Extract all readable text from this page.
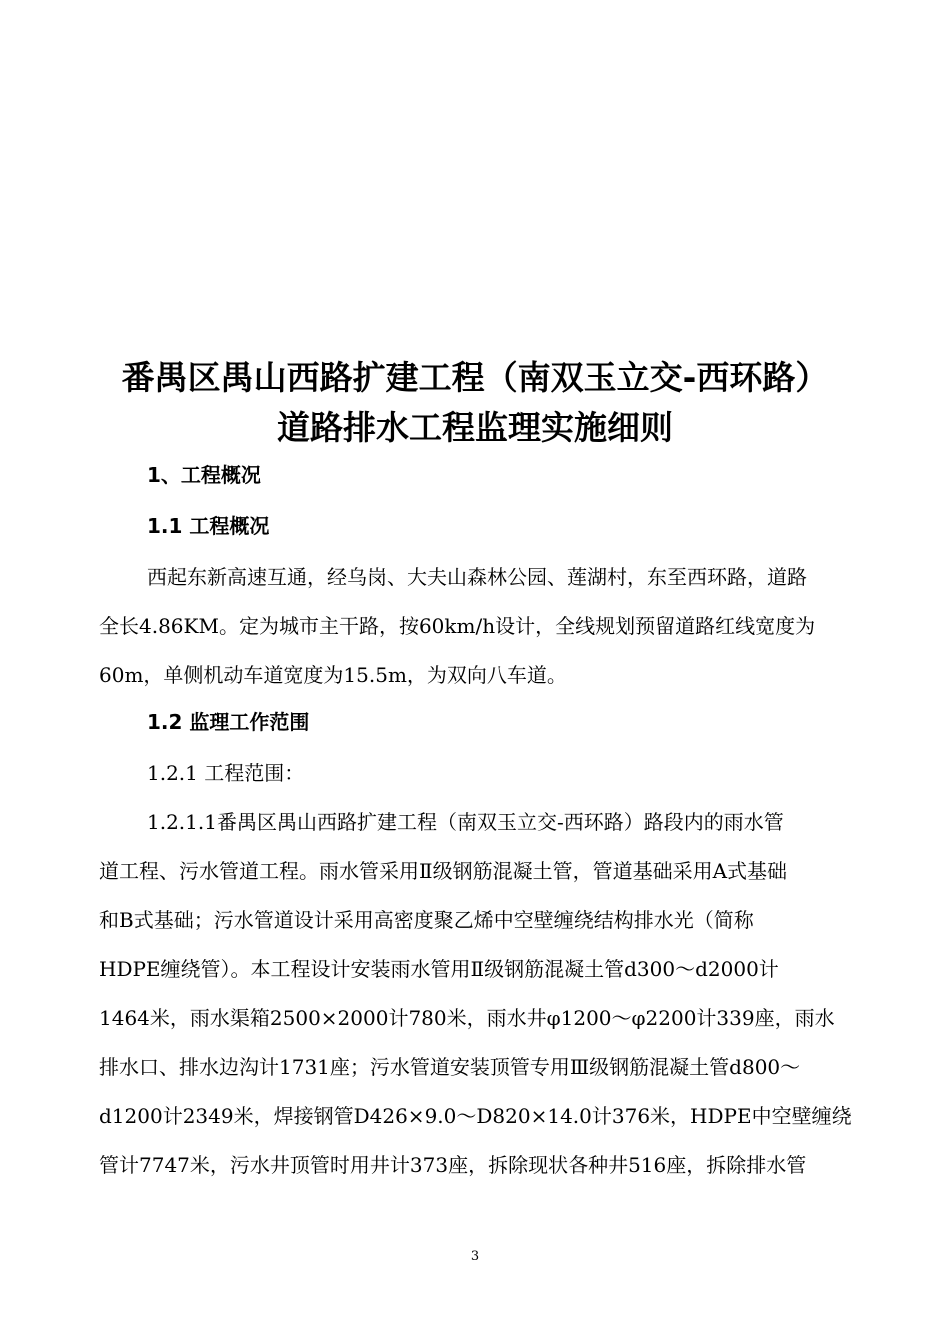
番禺区禺山西路扩建工程（南双玉立交-西环路）
道路排水工程监理实施细则
1、工程概况
1.1 工程概况
西起东新高速互通，经乌岗、大夫山森林公园、莲湖村，东至西环路，道路
全长4.86KM。定为城市主干路，按60km/h设计，全线规划预留道路红线宽度为
60m，单侧机动车道宽度为15.5m，为双向八车道。
1.2 监理工作范围
1.2.1 工程范围：
1.2.1.1番禺区禺山西路扩建工程（南双玉立交-西环路）路段内的雨水管
道工程、污水管道工程。雨水管采用Ⅱ级钢筋混凝土管，管道基础采用A式基础
和B式基础；污水管道设计采用高密度聚乙烯中空壁缠绕结构排水光（简称
HDPE缠绕管）。本工程设计安装雨水管用Ⅱ级钢筋混凝土管d300～d2000计
1464米，雨水渠箱2500×2000计780米，雨水井φ1200～φ2200计339座，雨水
排水口、排水边沟计1731座；污水管道安装顶管专用Ⅲ级钢筋混凝土管d800～
d1200计2349米，焊接钢管D426×9.0～D820×14.0计376米，HDPE中空壁缠绕
管计7747米，污水井顶管时用井计373座，拆除现状各种井516座，拆除排水管
3
